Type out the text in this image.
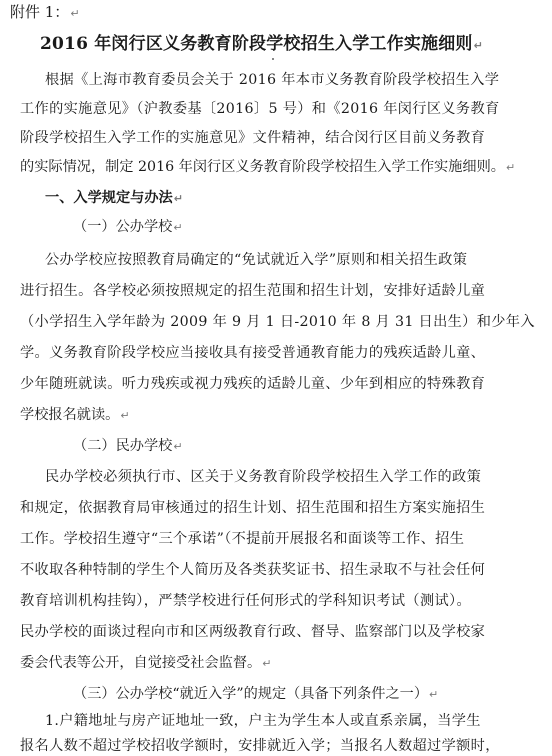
附件 1：↵
2016 年闵行区义务教育阶段学校招生入学工作实施细则↵
根据《上海市教育委员会关于 2016 年本市义务教育阶段学校招生入学
工作的实施意见》（沪教委基〔2016〕5 号）和《2016 年闵行区义务教育
阶段学校招生入学工作的实施意见》文件精神，结合闵行区目前义务教育
的实际情况，制定 2016 年闵行区义务教育阶段学校招生入学工作实施细则。↵
一、入学规定与办法↵
（一）公办学校↵
公办学校应按照教育局确定的“免试就近入学”原则和相关招生政策
进行招生。各学校必须按照规定的招生范围和招生计划，安排好适龄儿童
（小学招生入学年龄为 2009 年 9 月 1 日-2010 年 8 月 31 日出生）和少年入
学。义务教育阶段学校应当接收具有接受普通教育能力的残疾适龄儿童、
少年随班就读。听力残疾或视力残疾的适龄儿童、少年到相应的特殊教育
学校报名就读。↵
（二）民办学校↵
民办学校必须执行市、区关于义务教育阶段学校招生入学工作的政策
和规定，依据教育局审核通过的招生计划、招生范围和招生方案实施招生
工作。学校招生遵守“三个承诺”（不提前开展报名和面谈等工作、招生
不收取各种特制的学生个人简历及各类获奖证书、招生录取不与社会任何
教育培训机构挂钩），严禁学校进行任何形式的学科知识考试（测试）。
民办学校的面谈过程向市和区两级教育行政、督导、监察部门以及学校家
委会代表等公开，自觉接受社会监督。↵
（三）公办学校“就近入学”的规定（具备下列条件之一）↵
1.户籍地址与房产证地址一致，户主为学生本人或直系亲属，当学生
报名人数不超过学校招收学额时，安排就近入学；当报名人数超过学额时，
